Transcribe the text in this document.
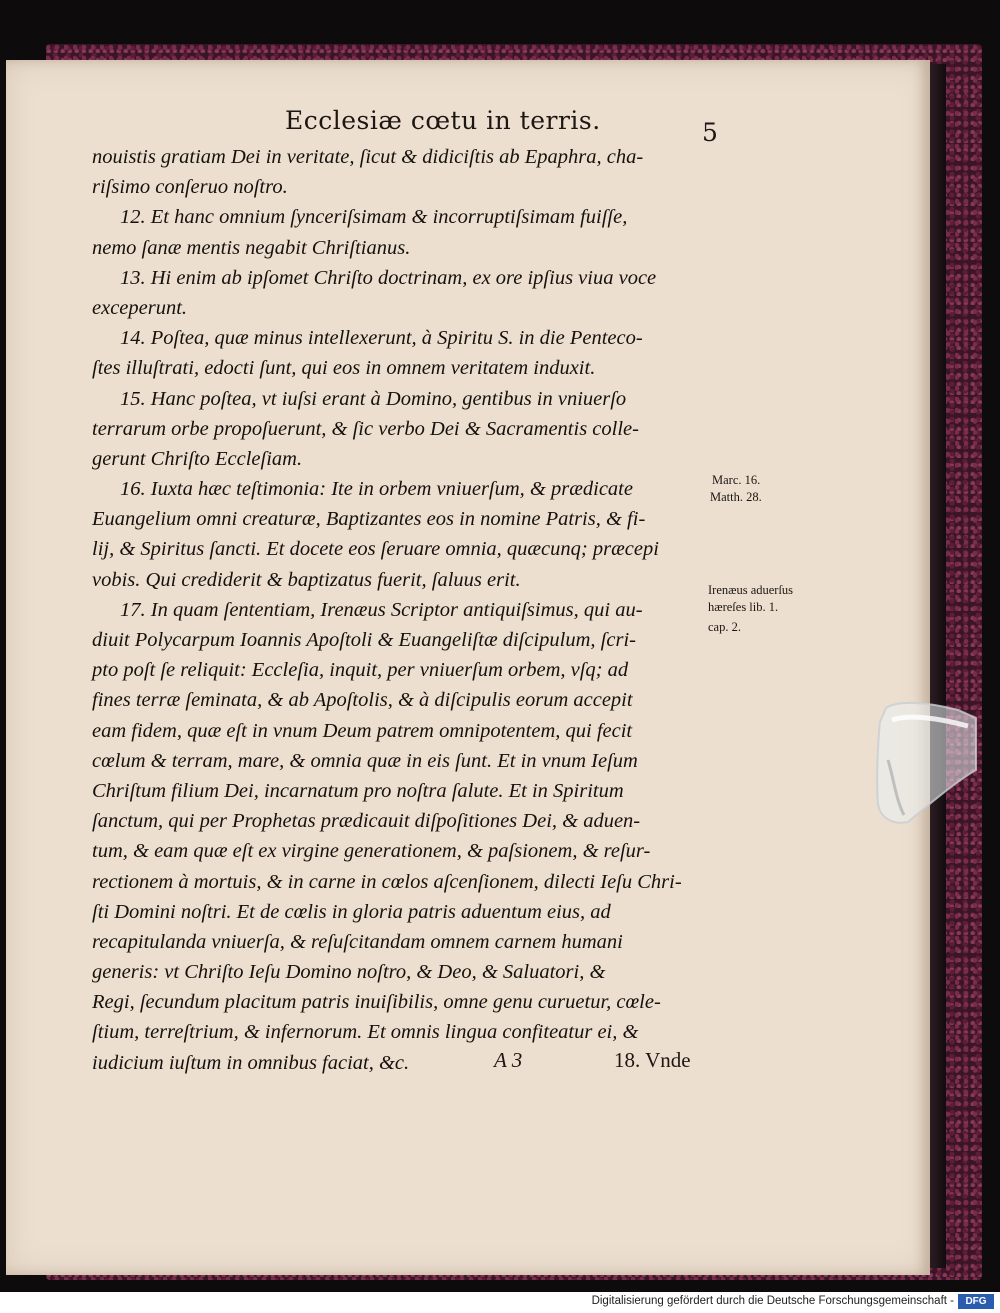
Ecclesiæ cœtu in terris.	5
nouistis gratiam Dei in veritate, ſicut & didiciſtis ab Epaphra, cha-
riſsimo conſeruo noſtro.
12. Et hanc omnium ſynceriſsimam & incorruptiſsimam fuiſſe,
nemo ſanæ mentis negabit Chriſtianus.
13. Hi enim ab ipſomet Chriſto doctrinam, ex ore ipſius viua voce
exceperunt.
14. Poſtea, quæ minus intellexerunt, à Spiritu S. in die Penteco-
ſtes illuſtrati, edocti ſunt, qui eos in omnem veritatem induxit.
15. Hanc poſtea, vt iuſsi erant à Domino, gentibus in vniuerſo
terrarum orbe propoſuerunt, & ſic verbo Dei & Sacramentis colle-
gerunt Chriſto Eccleſiam.
16. Iuxta hæc teſtimonia: Ite in orbem vniuerſum, & prædicate
Euangelium omni creaturæ, Baptizantes eos in nomine Patris, & fi-
lij, & Spiritus ſancti. Et docete eos ſeruare omnia, quæcunq; præcepi
vobis. Qui crediderit & baptizatus fuerit, ſaluus erit.
17. In quam ſententiam, Irenæus Scriptor antiquiſsimus, qui au-
diuit Polycarpum Ioannis Apoſtoli & Euangeliſtæ diſcipulum, ſcri-
pto poſt ſe reliquit: Eccleſia, inquit, per vniuerſum orbem, vſq; ad
fines terræ ſeminata, & ab Apoſtolis, & à diſcipulis eorum accepit
eam fidem, quæ eſt in vnum Deum patrem omnipotentem, qui fecit
cœlum & terram, mare, & omnia quæ in eis ſunt. Et in vnum Ieſum
Chriſtum filium Dei, incarnatum pro noſtra ſalute. Et in Spiritum
ſanctum, qui per Prophetas prædicauit diſpoſitiones Dei, & aduen-
tum, & eam quæ eſt ex virgine generationem, & paſsionem, & reſur-
rectionem à mortuis, & in carne in cœlos aſcenſionem, dilecti Ieſu Chri-
ſti Domini noſtri. Et de cœlis in gloria patris aduentum eius, ad
recapitulanda vniuerſa, & reſuſcitandam omnem carnem humani
generis: vt Chriſto Ieſu Domino noſtro, & Deo, & Saluatori, &
Regi, ſecundum placitum patris inuiſibilis, omne genu curuetur, cœle-
ſtium, terreſtrium, & infernorum. Et omnis lingua confiteatur ei, &
iudicium iuſtum in omnibus faciat, &c.
Marc. 16.
Matth. 28.
Irenæus aduerſus
hæreſes lib. 1.
cap. 2.
A 3	18. Vnde
Digitalisierung gefördert durch die Deutsche Forschungsgemeinschaft -	DFG
